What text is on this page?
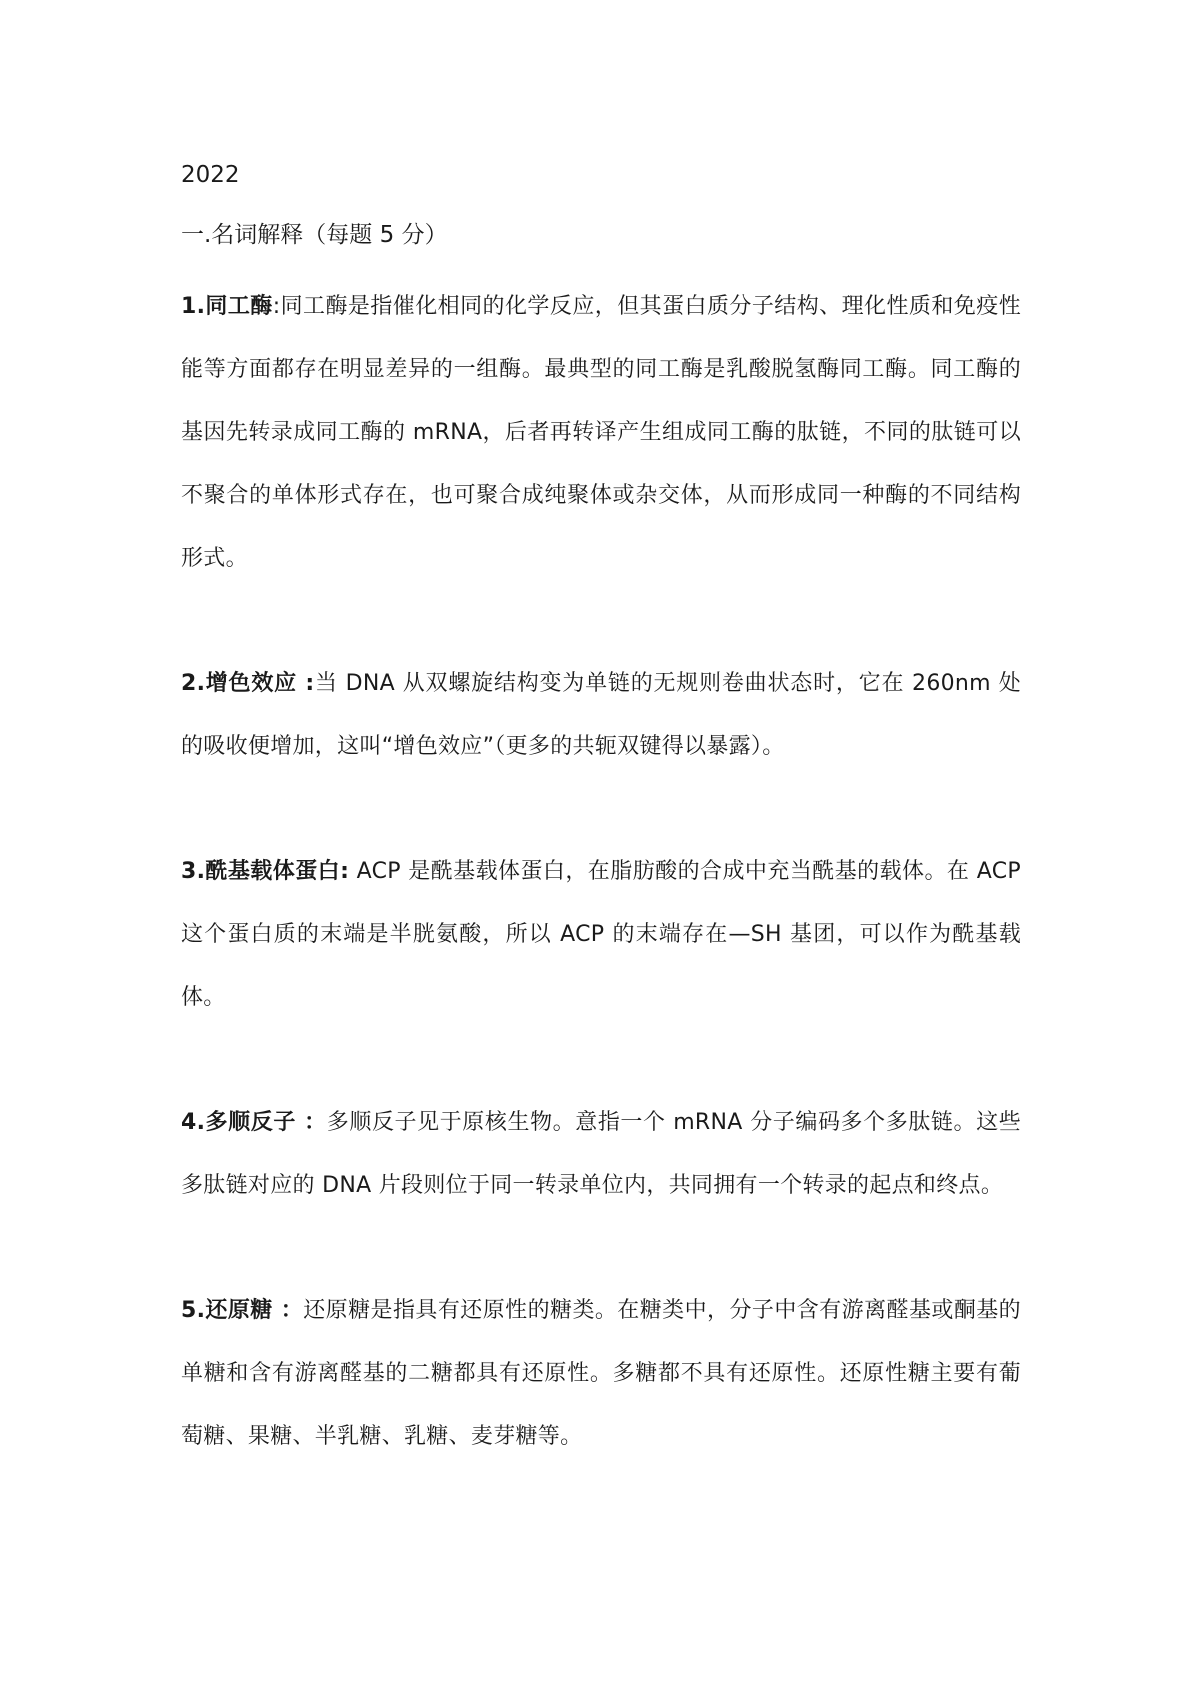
2022
一.名词解释（每题 5 分）

1.同工酶:同工酶是指催化相同的化学反应，但其蛋白质分子结构、理化性质和免疫性能等方面都存在明显差异的一组酶。最典型的同工酶是乳酸脱氢酶同工酶。同工酶的基因先转录成同工酶的 mRNA，后者再转译产生组成同工酶的肽链，不同的肽链可以不聚合的单体形式存在，也可聚合成纯聚体或杂交体，从而形成同一种酶的不同结构形式。

2.增色效应 :当 DNA 从双螺旋结构变为单链的无规则卷曲状态时，它在 260nm 处的吸收便增加，这叫“增色效应”（更多的共轭双键得以暴露）。

3.酰基载体蛋白: ACP 是酰基载体蛋白，在脂肪酸的合成中充当酰基的载体。在 ACP 这个蛋白质的末端是半胱氨酸，所以 ACP 的末端存在—SH 基团，可以作为酰基载体。

4.多顺反子 ：多顺反子见于原核生物。意指一个 mRNA 分子编码多个多肽链。这些多肽链对应的 DNA 片段则位于同一转录单位内，共同拥有一个转录的起点和终点。

5.还原糖 ：还原糖是指具有还原性的糖类。在糖类中，分子中含有游离醛基或酮基的单糖和含有游离醛基的二糖都具有还原性。多糖都不具有还原性。还原性糖主要有葡萄糖、果糖、半乳糖、乳糖、麦芽糖等。
